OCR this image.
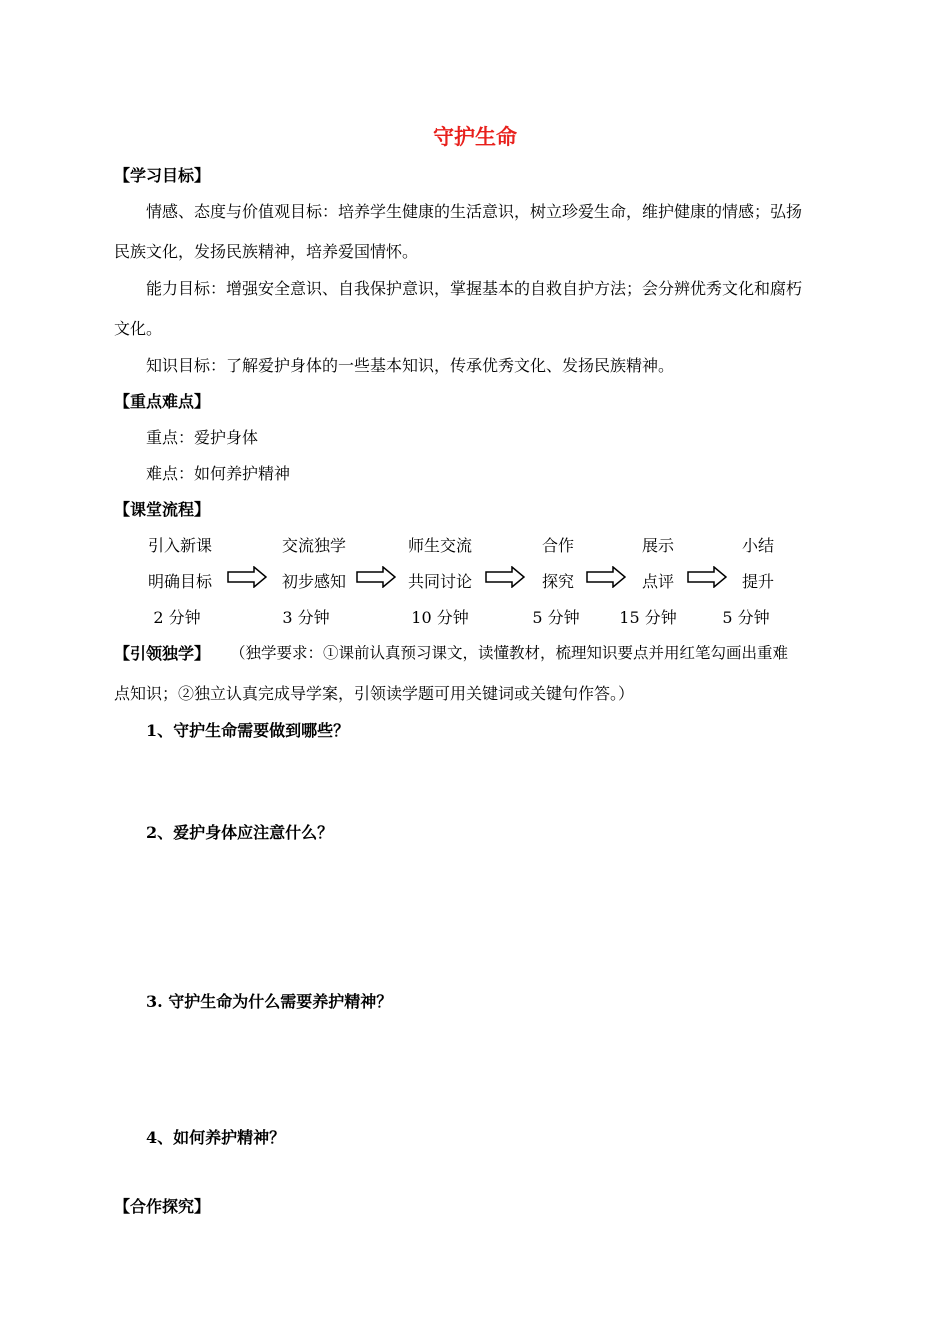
守护生命
【学习目标】
情感、态度与价值观目标：培养学生健康的生活意识，树立珍爱生命，维护健康的情感；弘扬
民族文化，发扬民族精神，培养爱国情怀。
能力目标：增强安全意识、自我保护意识，掌握基本的自救自护方法；会分辨优秀文化和腐朽
文化。
知识目标：了解爱护身体的一些基本知识，传承优秀文化、发扬民族精神。
【重点难点】
重点：爱护身体
难点：如何养护精神
【课堂流程】
引入新课	交流独学	师生交流	合作	展示	小结
明确目标	初步感知	共同讨论	探究	点评	提升
2 分钟	3 分钟	10 分钟	5 分钟	15 分钟	5 分钟
【引领独学】 （独学要求：①课前认真预习课文，读懂教材，梳理知识要点并用红笔勾画出重难
点知识；②独立认真完成导学案，引领读学题可用关键词或关键句作答。）
1、守护生命需要做到哪些？
2、爱护身体应注意什么？
3. 守护生命为什么需要养护精神？
4、如何养护精神？
【合作探究】
